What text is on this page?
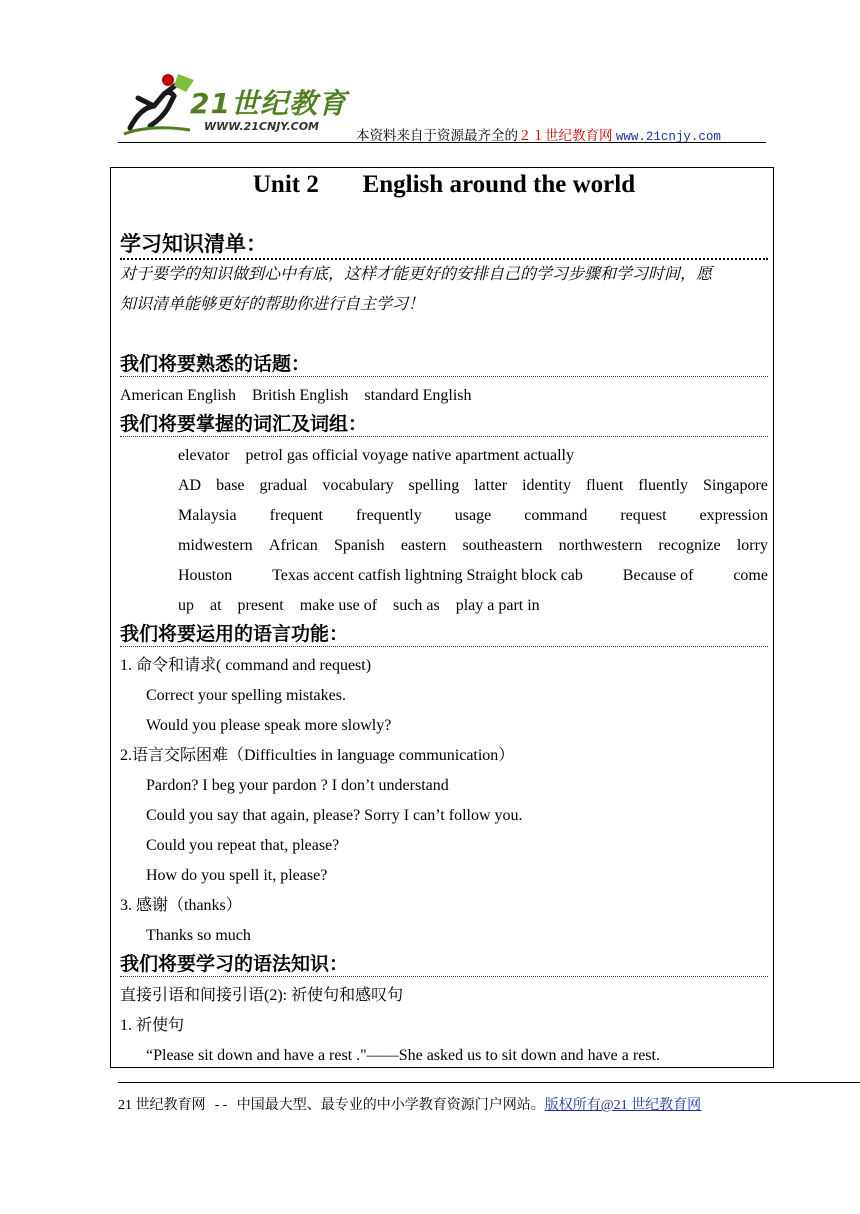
21世纪教育
WWW.21CNJY.COM
本资料来自于资源最齐全的２１世纪教育网 www.21cnjy.com
Unit 2       English around the world
学习知识清单：
对于要学的知识做到心中有底，这样才能更好的安排自己的学习步骤和学习时间，愿
知识清单能够更好的帮助你进行自主学习！
我们将要熟悉的话题：
American English    British English    standard English
我们将要掌握的词汇及词组：
elevator    petrol gas official voyage native apartment actually
AD base gradual vocabulary spelling latter identity fluent fluently Singapore
Malaysia frequent frequently usage command request expression
midwestern African Spanish eastern southeastern northwestern recognize lorry
Houston Texas accent catfish lightning Straight block cab Because of come
up    at    present    make use of    such as    play a part in
我们将要运用的语言功能：
1. 命令和请求( command and request)
Correct your spelling mistakes.
Would you please speak more slowly?
2.语言交际困难（Difficulties in language communication）
Pardon? I beg your pardon ? I don’t understand
Could you say that again, please? Sorry I can’t follow you.
Could you repeat that, please?
How do you spell it, please?
3. 感谢（thanks）
Thanks so much
我们将要学习的语法知识：
直接引语和间接引语(2): 祈使句和感叹句
1. 祈使句
“Please sit down and have a rest ."——She asked us to sit down and have a rest.
21 世纪教育网 -- 中国最大型、最专业的中小学教育资源门户网站。版权所有@21 世纪教育网
